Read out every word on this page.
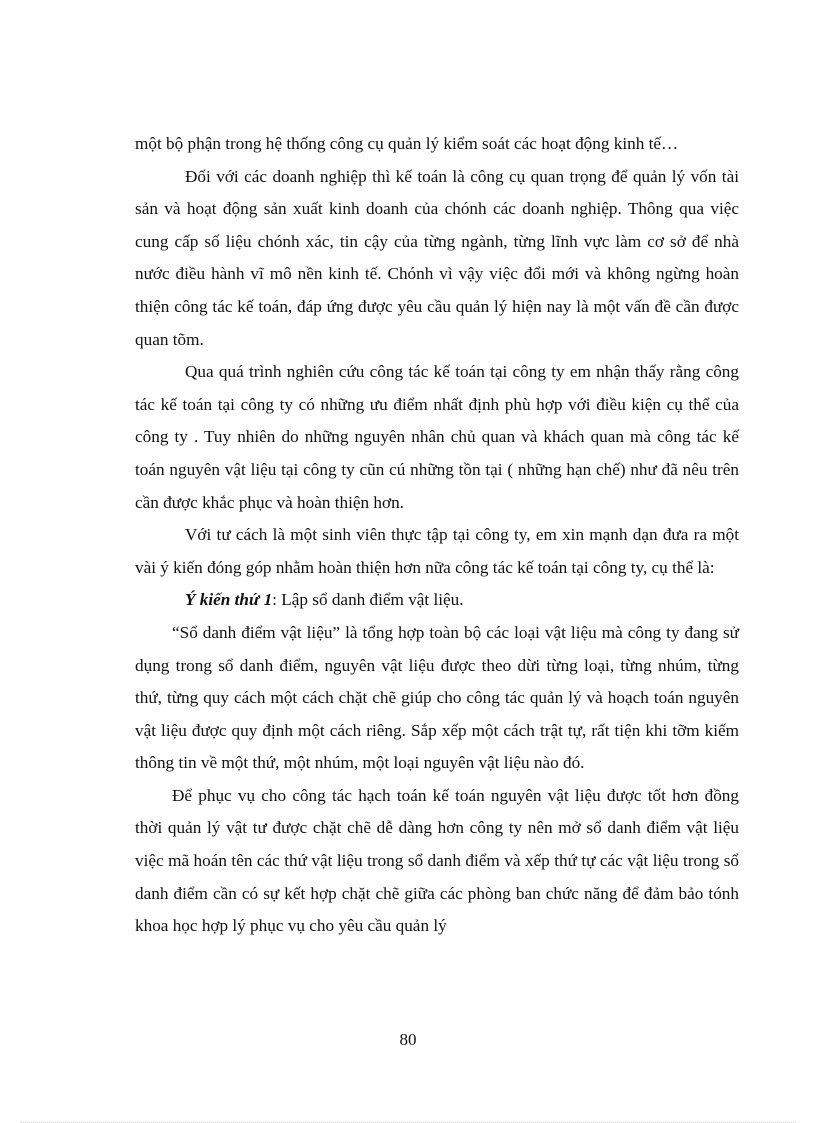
một bộ phận trong hệ thống công cụ quản lý kiểm soát các hoạt động kinh tế…

Đối với các doanh nghiệp thì kế toán là công cụ quan trọng để quản lý vốn tài sản và hoạt động sản xuất kinh doanh của chónh các doanh nghiệp. Thông qua việc cung cấp số liệu chónh xác, tin cậy của từng ngành, từng lĩnh vực làm cơ sở để nhà nước điều hành vĩ mô nền kinh tế. Chónh vì vậy việc đổi mới và không ngừng hoàn thiện công tác kế toán, đáp ứng được yêu cầu quản lý hiện nay là một vấn đề cần được quan tõm.

Qua quá trình nghiên cứu công tác kế toán tại công ty em nhận thấy rằng công tác kế toán tại công ty có những ưu điểm nhất định phù hợp với điều kiện cụ thể của công ty . Tuy nhiên do những nguyên nhân chủ quan và khách quan mà công tác kế toán nguyên vật liệu tại công ty cũn cú những tồn tại ( những hạn chế) như đã nêu trên cần được khắc phục và hoàn thiện hơn.

Với tư cách là một sinh viên thực tập tại công ty, em xin mạnh dạn đưa ra một vài ý kiến đóng góp nhằm hoàn thiện hơn nữa công tác kế toán tại công ty, cụ thể là:

Ý kiến thứ 1: Lập sổ danh điểm vật liệu.

“Sổ danh điểm vật liệu” là tổng hợp toàn bộ các loại vật liệu mà công ty đang sử dụng trong sổ danh điểm, nguyên vật liệu được theo dừi từng loại, từng nhúm, từng thứ, từng quy cách một cách chặt chẽ giúp cho công tác quản lý và hoạch toán nguyên vật liệu được quy định một cách riêng. Sắp xếp một cách trật tự, rất tiện khi tỡm kiếm thông tin về một thứ, một nhúm, một loại nguyên vật liệu nào đó.

Để phục vụ cho công tác hạch toán kế toán nguyên vật liệu được tốt hơn đồng thời quản lý vật tư được chặt chẽ dễ dàng hơn công ty nên mở sổ danh điểm vật liệu việc mã hoán tên các thứ vật liệu trong sổ danh điểm và xếp thứ tự các vật liệu trong sổ danh điểm cần có sự kết hợp chặt chẽ giữa các phòng ban chức năng để đảm bảo tónh khoa học hợp lý phục vụ cho yêu cầu quản lý

80
